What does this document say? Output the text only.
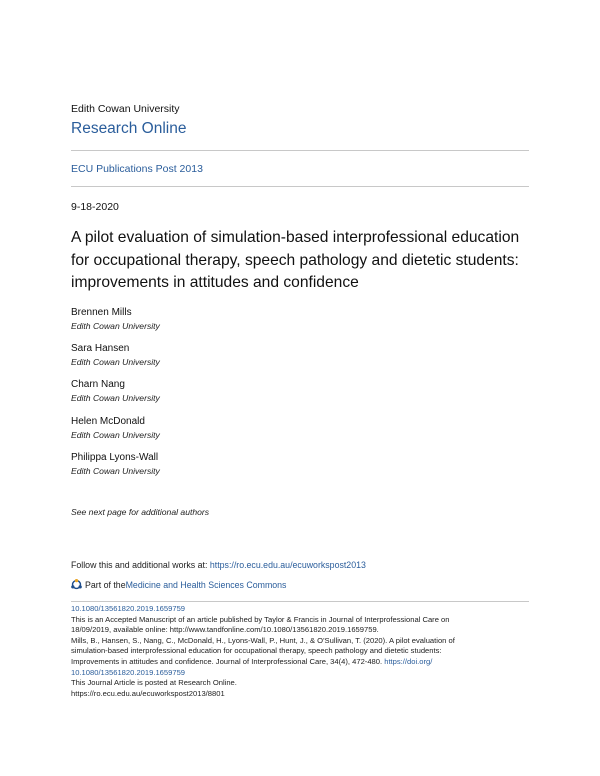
Edith Cowan University
Research Online
ECU Publications Post 2013
9-18-2020
A pilot evaluation of simulation-based interprofessional education
for occupational therapy, speech pathology and dietetic students:
improvements in attitudes and confidence
Brennen Mills
Edith Cowan University
Sara Hansen
Edith Cowan University
Charn Nang
Edith Cowan University
Helen McDonald
Edith Cowan University
Philippa Lyons-Wall
Edith Cowan University
See next page for additional authors
Follow this and additional works at: https://ro.ecu.edu.au/ecuworkspost2013
Part of the Medicine and Health Sciences Commons
10.1080/13561820.2019.1659759
This is an Accepted Manuscript of an article published by Taylor & Francis in Journal of Interprofessional Care on
18/09/2019, available online: http://www.tandfonline.com/10.1080/13561820.2019.1659759.
Mills, B., Hansen, S., Nang, C., McDonald, H., Lyons-Wall, P., Hunt, J., & O'Sullivan, T. (2020). A pilot evaluation of
simulation-based interprofessional education for occupational therapy, speech pathology and dietetic students:
Improvements in attitudes and confidence. Journal of Interprofessional Care, 34(4), 472-480. https://doi.org/
10.1080/13561820.2019.1659759
This Journal Article is posted at Research Online.
https://ro.ecu.edu.au/ecuworkspost2013/8801
